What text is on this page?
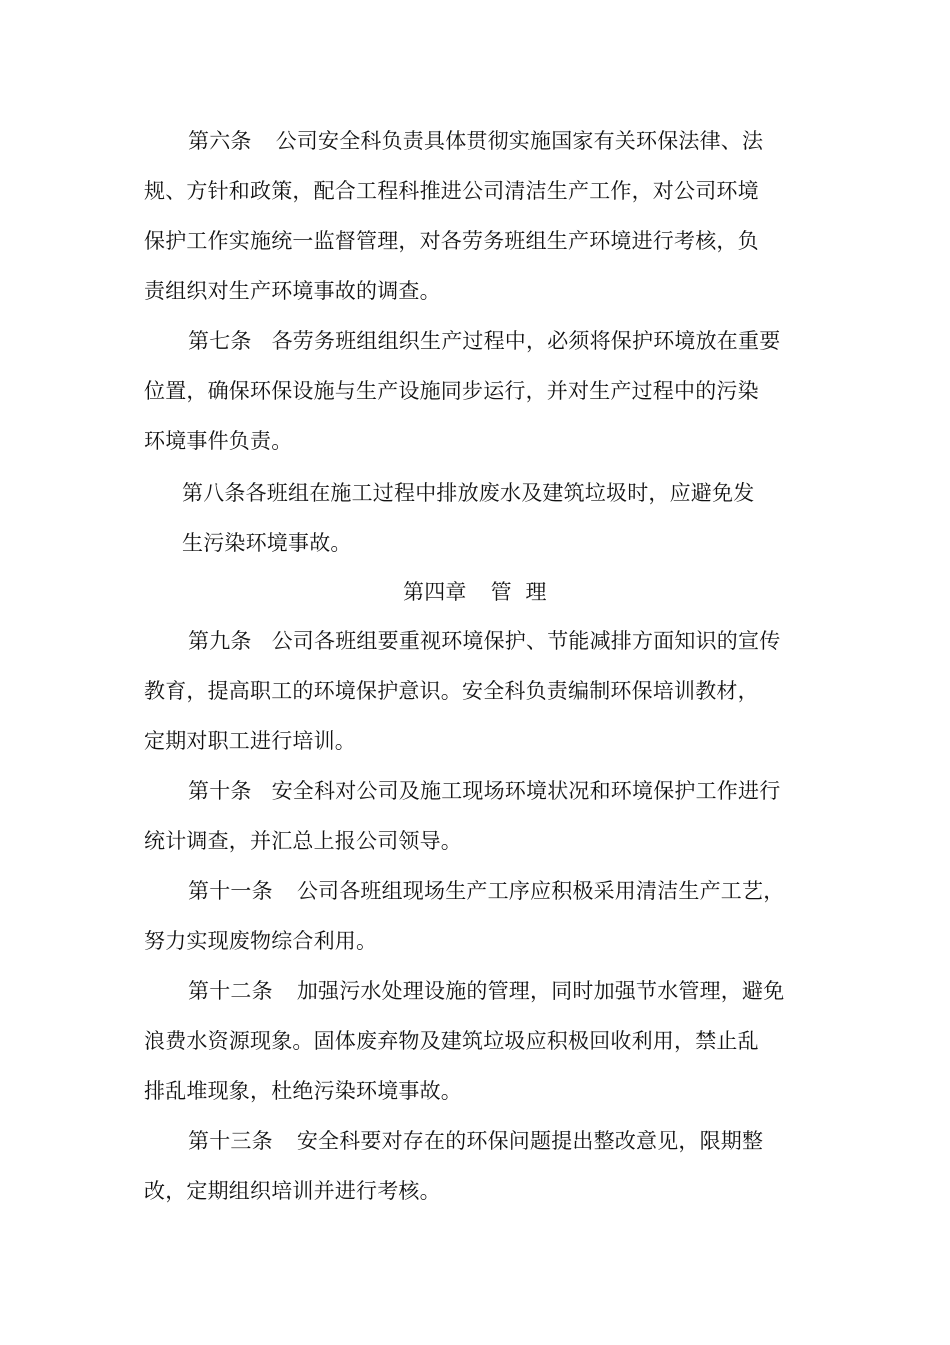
第六条 公司安全科负责具体贯彻实施国家有关环保法律、法
规、方针和政策，配合工程科推进公司清洁生产工作，对公司环境
保护工作实施统一监督管理，对各劳务班组生产环境进行考核，负
责组织对生产环境事故的调查。
第七条 各劳务班组组织生产过程中，必须将保护环境放在重要
位置，确保环保设施与生产设施同步运行，并对生产过程中的污染
环境事件负责。
第八条各班组在施工过程中排放废水及建筑垃圾时，应避免发
生污染环境事故。
第四章 管  理
第九条 公司各班组要重视环境保护、节能减排方面知识的宣传
教育，提高职工的环境保护意识。安全科负责编制环保培训教材，
定期对职工进行培训。
第十条 安全科对公司及施工现场环境状况和环境保护工作进行
统计调查，并汇总上报公司领导。
第十一条 公司各班组现场生产工序应积极采用清洁生产工艺，
努力实现废物综合利用。
第十二条 加强污水处理设施的管理，同时加强节水管理，避免
浪费水资源现象。固体废弃物及建筑垃圾应积极回收利用，禁止乱
排乱堆现象，杜绝污染环境事故。
第十三条 安全科要对存在的环保问题提出整改意见，限期整
改，定期组织培训并进行考核。
